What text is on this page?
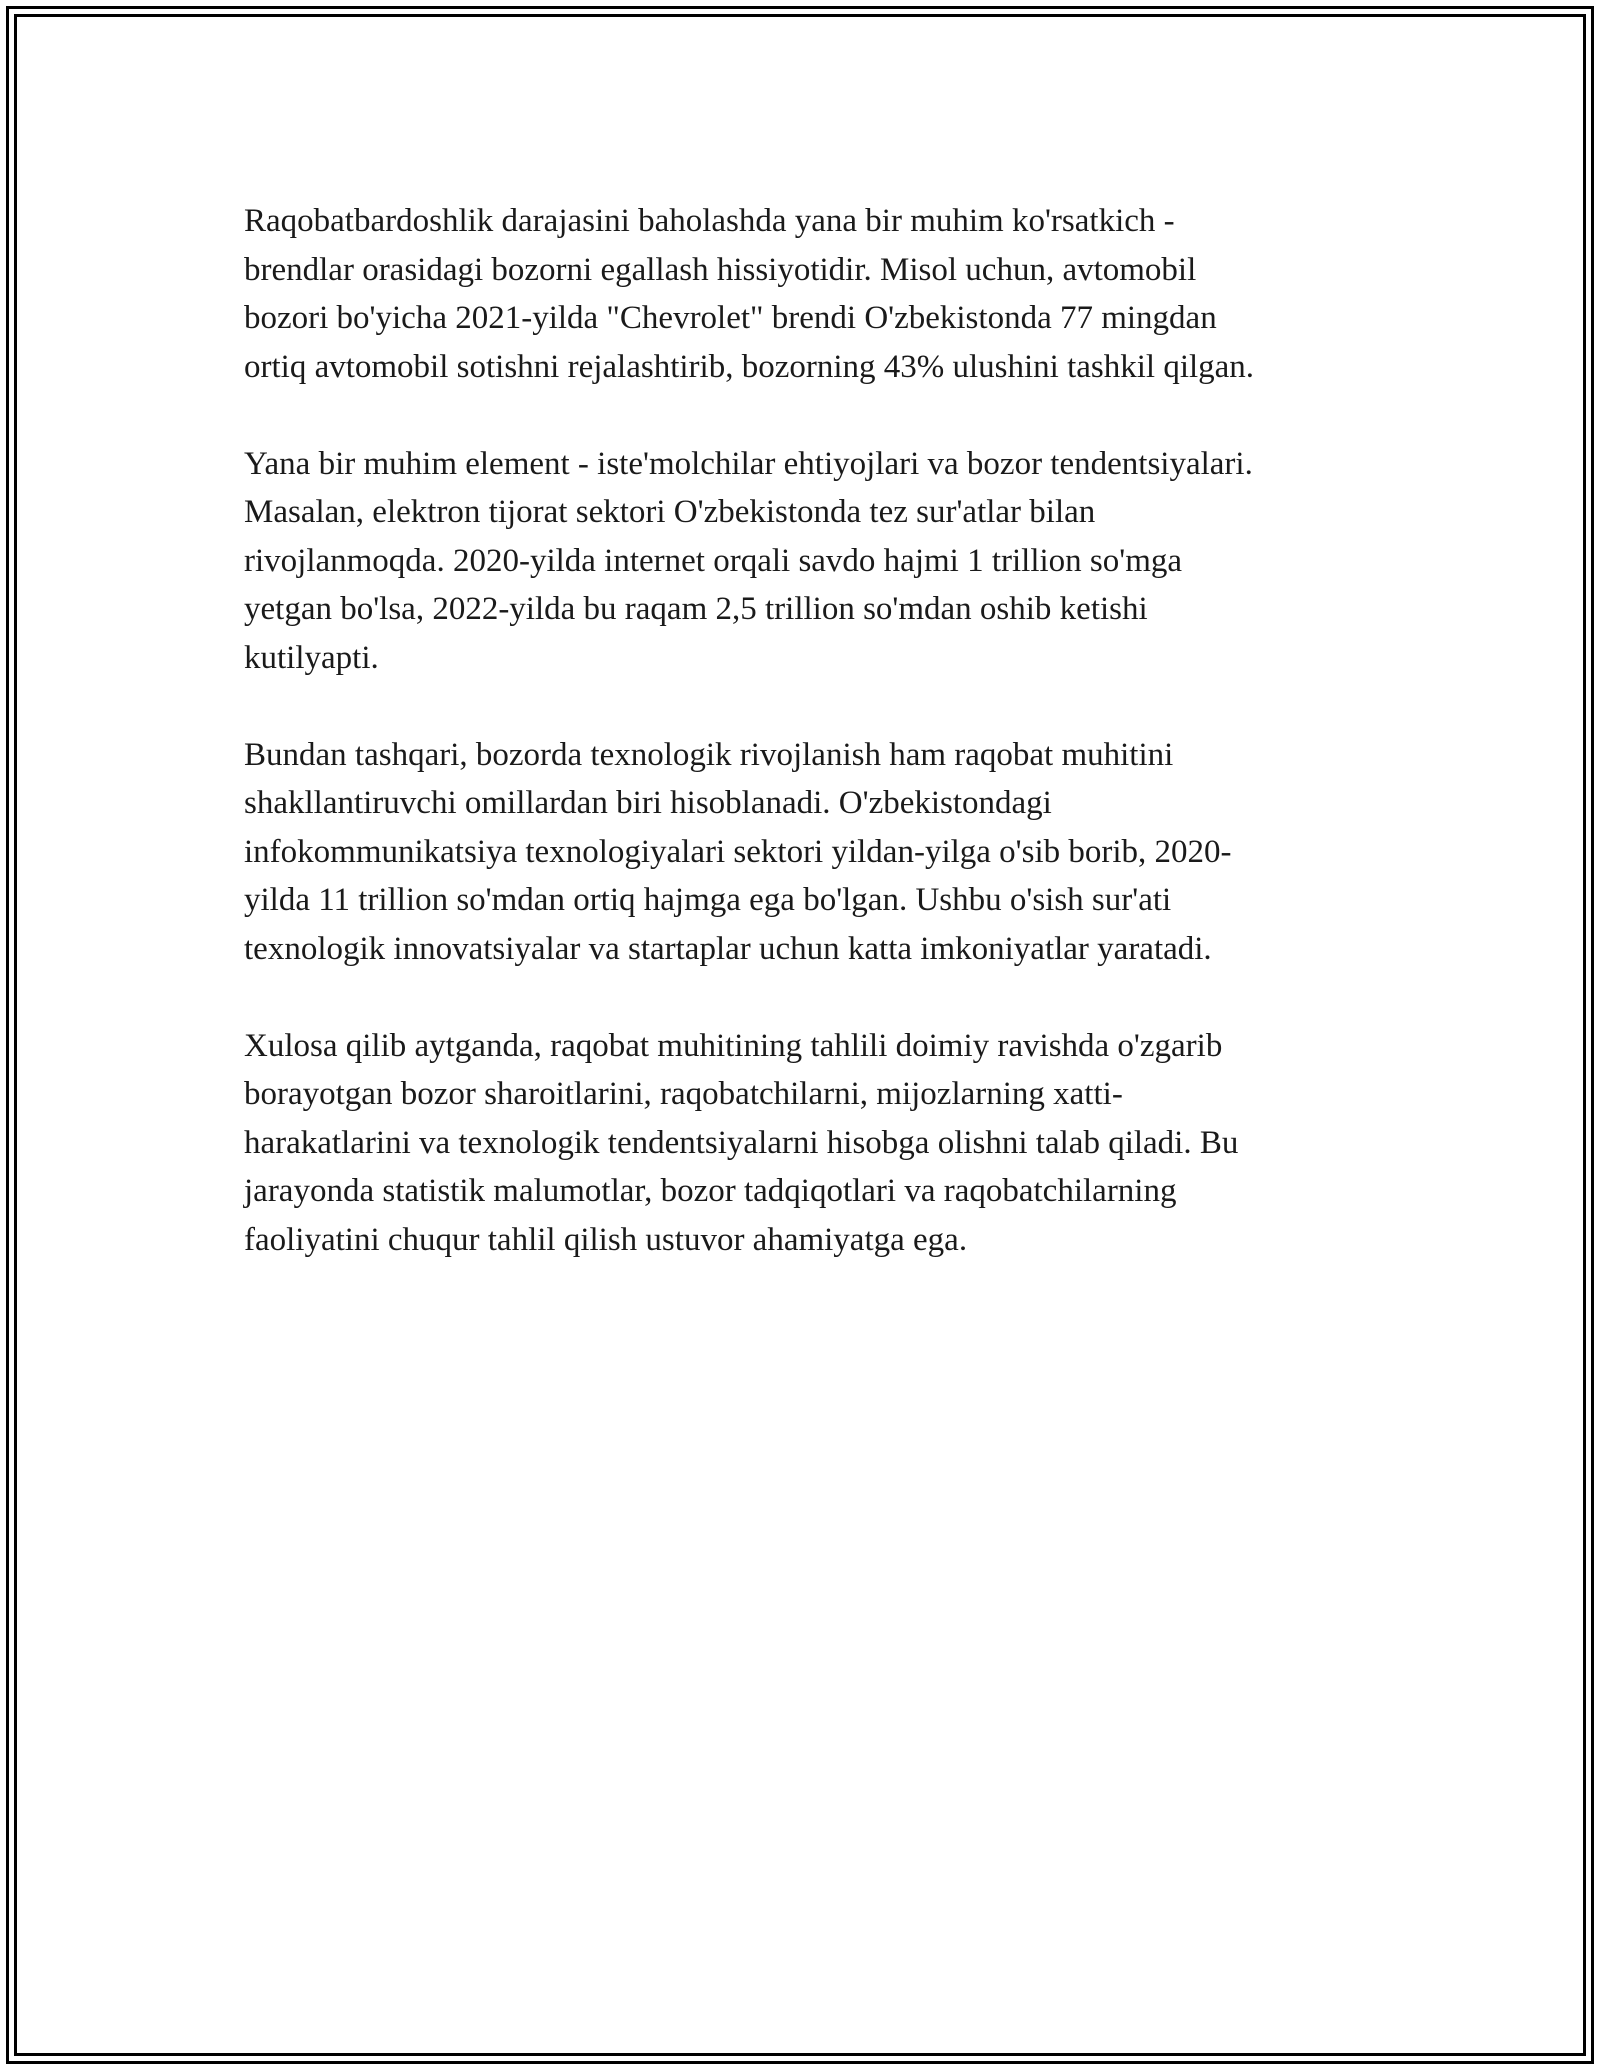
Raqobatbardoshlik darajasini baholashda yana bir muhim ko'rsatkich -
brendlar orasidagi bozorni egallash hissiyotidir. Misol uchun, avtomobil
bozori bo'yicha 2021-yilda "Chevrolet" brendi O'zbekistonda 77 mingdan
ortiq avtomobil sotishni rejalashtirib, bozorning 43% ulushini tashkil qilgan.

Yana bir muhim element - iste'molchilar ehtiyojlari va bozor tendentsiyalari.
Masalan, elektron tijorat sektori O'zbekistonda tez sur'atlar bilan
rivojlanmoqda. 2020-yilda internet orqali savdo hajmi 1 trillion so'mga
yetgan bo'lsa, 2022-yilda bu raqam 2,5 trillion so'mdan oshib ketishi
kutilyapti.

Bundan tashqari, bozorda texnologik rivojlanish ham raqobat muhitini
shakllantiruvchi omillardan biri hisoblanadi. O'zbekistondagi
infokommunikatsiya texnologiyalari sektori yildan-yilga o'sib borib, 2020-
yilda 11 trillion so'mdan ortiq hajmga ega bo'lgan. Ushbu o'sish sur'ati
texnologik innovatsiyalar va startaplar uchun katta imkoniyatlar yaratadi.

Xulosa qilib aytganda, raqobat muhitining tahlili doimiy ravishda o'zgarib
borayotgan bozor sharoitlarini, raqobatchilarni, mijozlarning xatti-
harakatlarini va texnologik tendentsiyalarni hisobga olishni talab qiladi. Bu
jarayonda statistik malumotlar, bozor tadqiqotlari va raqobatchilarning
faoliyatini chuqur tahlil qilish ustuvor ahamiyatga ega.
